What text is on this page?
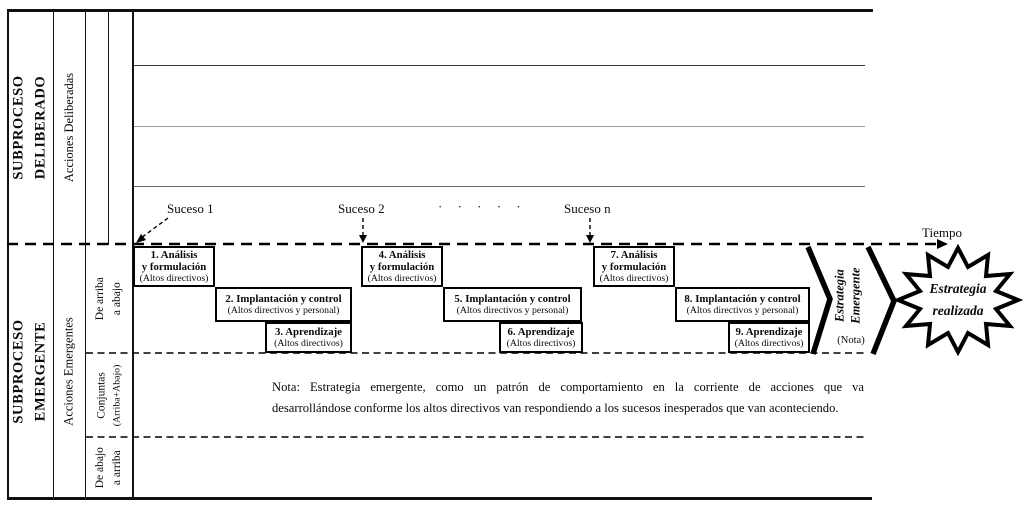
SUBPROCESO DELIBERADO Acciones Deliberadas
SUBPROCESO EMERGENTE Acciones Emergentes
De arriba a abajo
Conjuntas (Arriba+Abajo)
De abajo a arriba
Suceso 1	Suceso 2	· · · · ·	Suceso n
Tiempo
1. Análisis
y formulación
(Altos directivos)
2. Implantación y control
(Altos directivos y personal)
3. Aprendizaje
(Altos directivos)
4. Análisis
y formulación
(Altos directivos)
5. Implantación y control
(Altos directivos y personal)
6. Aprendizaje
(Altos directivos)
7. Análisis
y formulación
(Altos directivos)
8. Implantación y control
(Altos directivos y personal)
9. Aprendizaje
(Altos directivos)
Estrategia Emergente
(Nota)
Estrategia
realizada
Nota: Estrategia emergente, como un patrón de comportamiento en la corriente de acciones que va
desarrollándose conforme los altos directivos van respondiendo a los sucesos inesperados que van aconteciendo.
